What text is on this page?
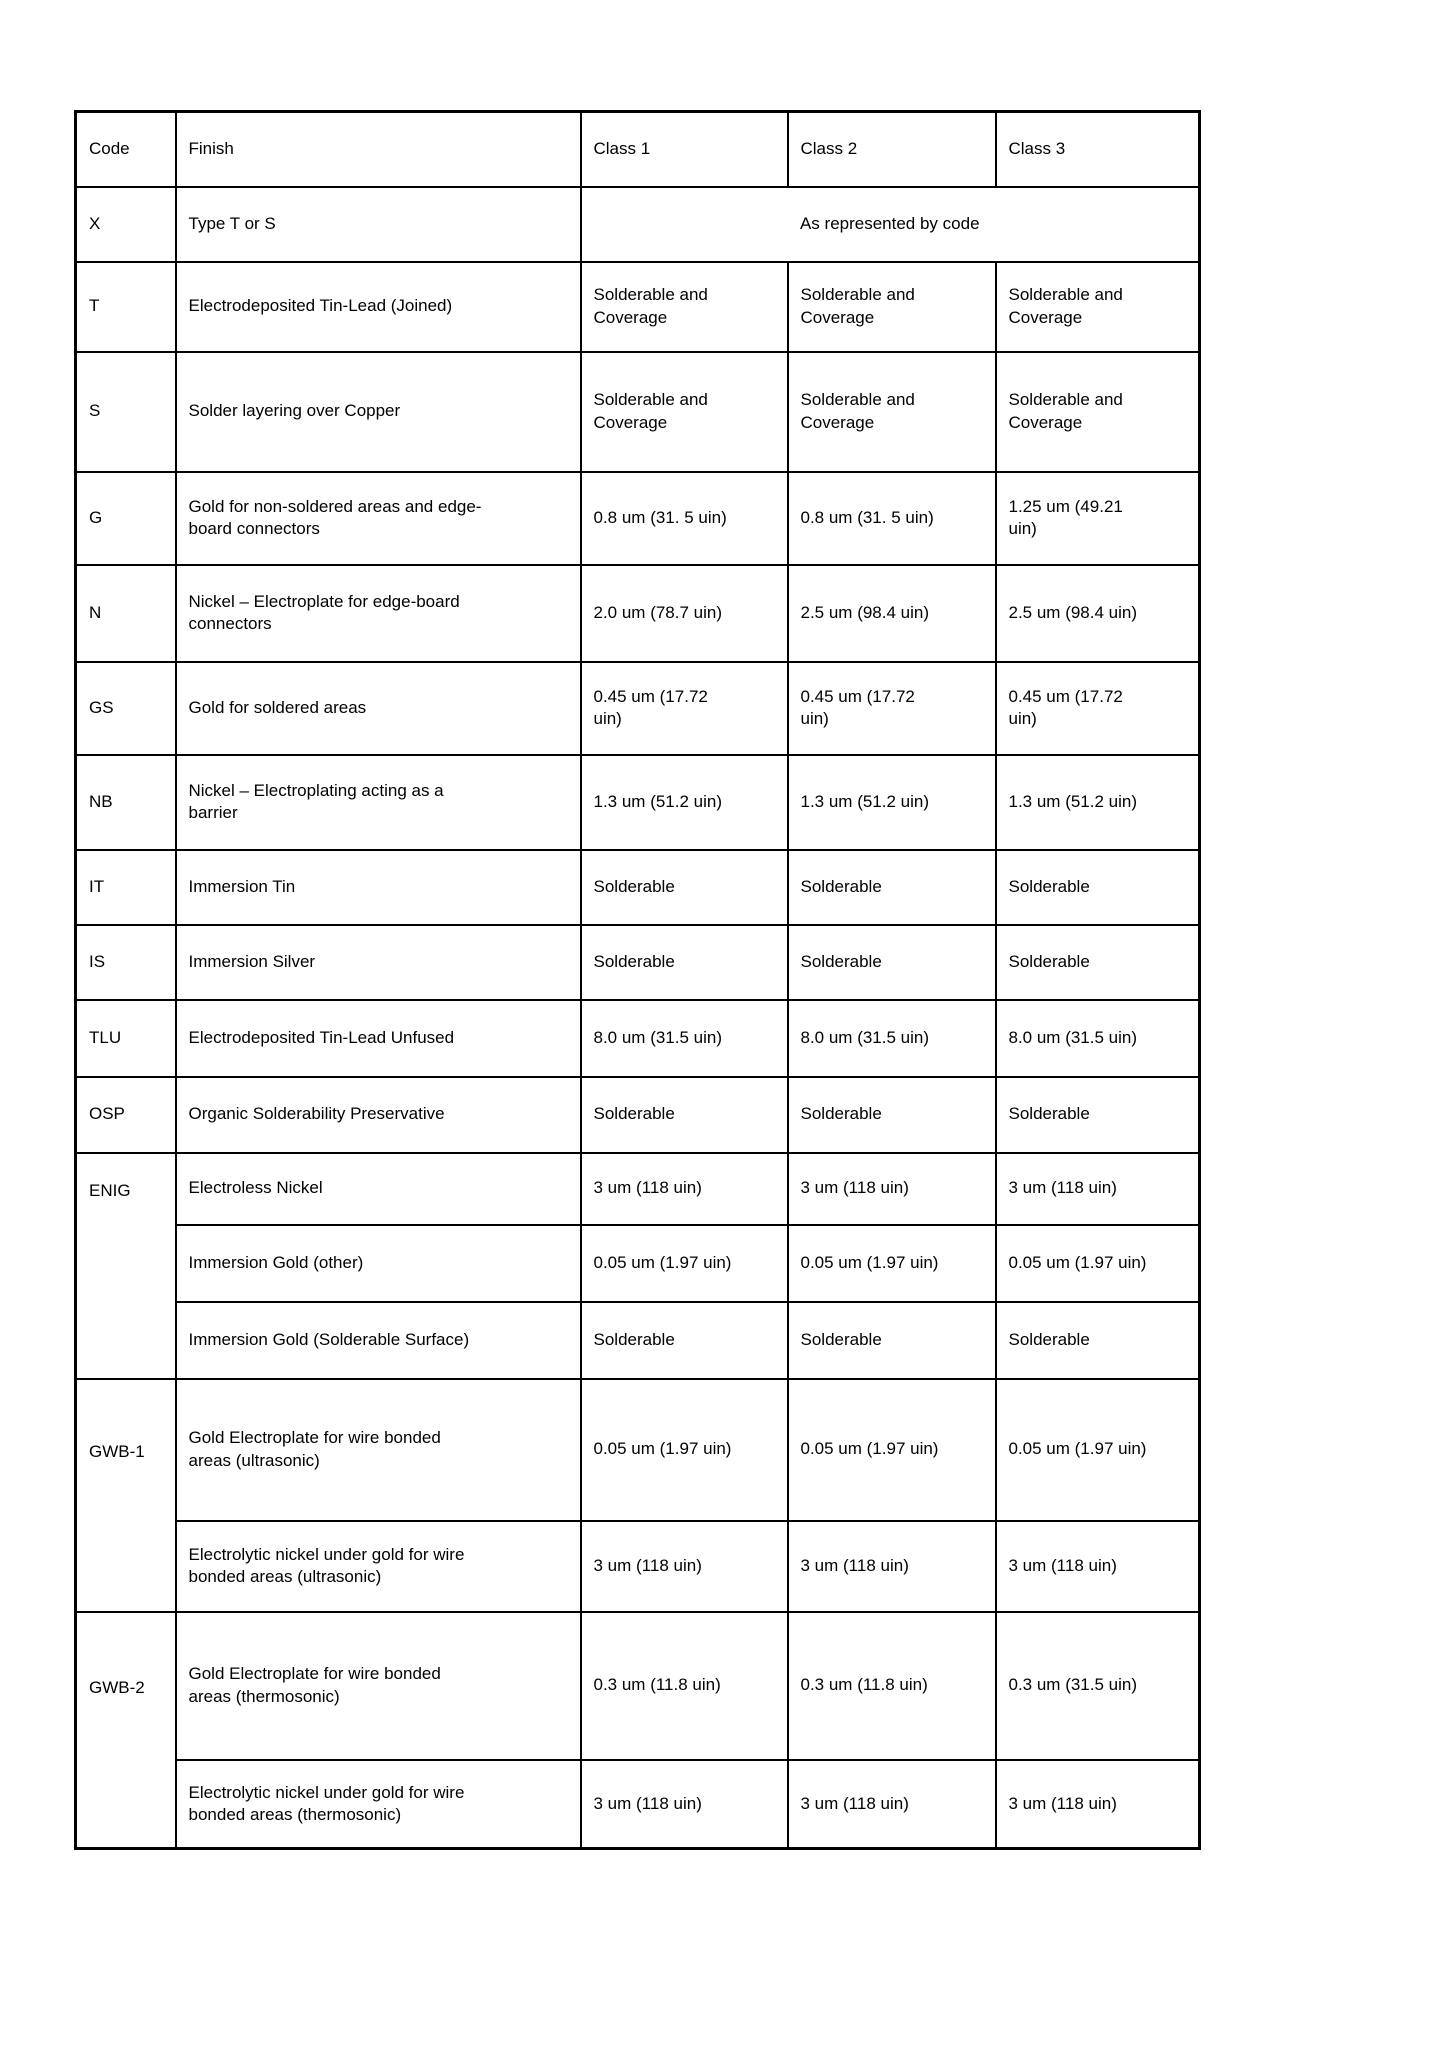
Code	Finish	Class 1	Class 2	Class 3
X	Type T or S	As represented by code		
T	Electrodeposited Tin-Lead (Joined)	Solderable and Coverage	Solderable and Coverage	Solderable and Coverage
S	Solder layering over Copper	Solderable and Coverage	Solderable and Coverage	Solderable and Coverage
G	Gold for non-soldered areas and edge-board connectors	0.8 um (31. 5 uin)	0.8 um (31. 5 uin)	1.25 um (49.21 uin)
N	Nickel – Electroplate for edge-board connectors	2.0 um (78.7 uin)	2.5 um (98.4 uin)	2.5 um (98.4 uin)
GS	Gold for soldered areas	0.45 um (17.72 uin)	0.45 um (17.72 uin)	0.45 um (17.72 uin)
NB	Nickel – Electroplating acting as a barrier	1.3 um (51.2 uin)	1.3 um (51.2 uin)	1.3 um (51.2 uin)
IT	Immersion Tin	Solderable	Solderable	Solderable
IS	Immersion Silver	Solderable	Solderable	Solderable
TLU	Electrodeposited Tin-Lead Unfused	8.0 um (31.5 uin)	8.0 um (31.5 uin)	8.0 um (31.5 uin)
OSP	Organic Solderability Preservative	Solderable	Solderable	Solderable
ENIG	Electroless Nickel	3 um (118 uin)	3 um (118 uin)	3 um (118 uin)
	Immersion Gold (other)	0.05 um (1.97 uin)	0.05 um (1.97 uin)	0.05 um (1.97 uin)
	Immersion Gold (Solderable Surface)	Solderable	Solderable	Solderable
GWB-1	Gold Electroplate for wire bonded areas (ultrasonic)	0.05 um (1.97 uin)	0.05 um (1.97 uin)	0.05 um (1.97 uin)
	Electrolytic nickel under gold for wire bonded areas (ultrasonic)	3 um (118 uin)	3 um (118 uin)	3 um (118 uin)
GWB-2	Gold Electroplate for wire bonded areas (thermosonic)	0.3 um (11.8 uin)	0.3 um (11.8 uin)	0.3 um (31.5 uin)
	Electrolytic nickel under gold for wire bonded areas (thermosonic)	3 um (118 uin)	3 um (118 uin)	3 um (118 uin)
